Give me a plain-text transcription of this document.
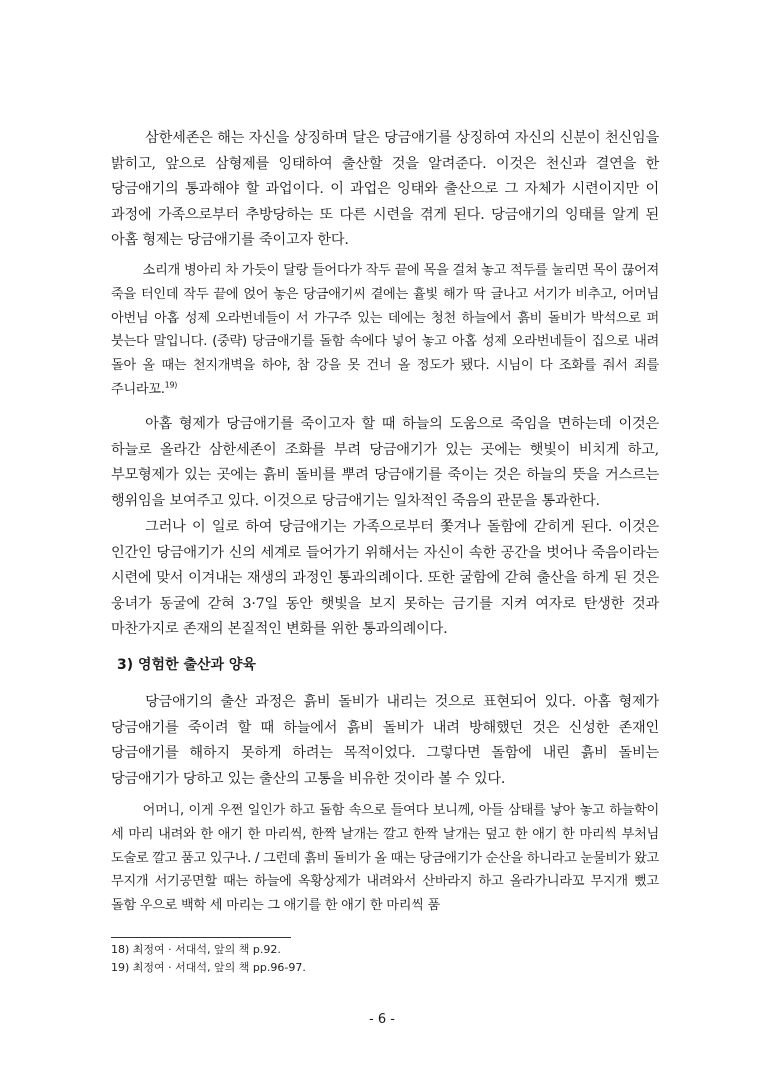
삼한세존은 해는 자신을 상징하며 달은 당금애기를 상징하여 자신의 신분이 천신임을 밝히고, 앞으로 삼형제를 잉태하여 출산할 것을 알려준다. 이것은 천신과 결연을 한 당금애기의 통과해야 할 과업이다. 이 과업은 잉태와 출산으로 그 자체가 시련이지만 이 과정에 가족으로부터 추방당하는 또 다른 시련을 겪게 된다. 당금애기의 잉태를 알게 된 아홉 형제는 당금애기를 죽이고자 한다.

소리개 병아리 차 가듯이 달랑 들어다가 작두 끝에 목을 걸쳐 놓고 적두를 눌리면 목이 끊어져 죽을 터인데 작두 끝에 얹어 놓은 당금애기씨 곁에는 휼빛 해가 딱 글나고 서기가 비추고, 어머님 아번님 아홉 성제 오라번네들이 서 가구주 있는 데에는 청천 하늘에서 흙비 돌비가 박석으로 퍼 붓는다 말입니다. (중략) 당금애기를 돌함 속에다 넣어 놓고 아홉 성제 오라번네들이 집으로 내려 돌아 올 때는 천지개벽을 하야, 참 강을 못 건너 올 정도가 됐다. 시님이 다 조화를 줘서 죄를 주니라꼬.$^{19)}$

아홉 형제가 당금애기를 죽이고자 할 때 하늘의 도움으로 죽임을 면하는데 이것은 하늘로 올라간 삼한세존이 조화를 부려 당금애기가 있는 곳에는 햇빛이 비치게 하고, 부모형제가 있는 곳에는 흙비 돌비를 뿌려 당금애기를 죽이는 것은 하늘의 뜻을 거스르는 행위임을 보여주고 있다. 이것으로 당금애기는 일차적인 죽음의 관문을 통과한다.

그러나 이 일로 하여 당금애기는 가족으로부터 쫓겨나 돌함에 갇히게 된다. 이것은 인간인 당금애기가 신의 세계로 들어가기 위해서는 자신이 속한 공간을 벗어나 죽음이라는 시련에 맞서 이겨내는 재생의 과정인 통과의례이다. 또한 굴함에 갇혀 출산을 하게 된 것은 웅녀가 동굴에 갇혀 3·7일 동안 햇빛을 보지 못하는 금기를 지켜 여자로 탄생한 것과 마찬가지로 존재의 본질적인 변화를 위한 통과의례이다.

3) 영험한 출산과 양육

당금애기의 출산 과정은 흙비 돌비가 내리는 것으로 표현되어 있다. 아홉 형제가 당금애기를 죽이려 할 때 하늘에서 흙비 돌비가 내려 방해했던 것은 신성한 존재인 당금애기를 해하지 못하게 하려는 목적이었다. 그렇다면 돌함에 내린 흙비 돌비는 당금애기가 당하고 있는 출산의 고통을 비유한 것이라 볼 수 있다.

어머니, 이게 우쩐 일인가 하고 돌함 속으로 들여다 보니께, 아들 삼태를 낳아 놓고 하늘학이 세 마리 내려와 한 애기 한 마리씩, 한짝 날개는 깔고 한짝 날개는 덮고 한 애기 한 마리씩 부처님 도술로 깔고 품고 있구나. / 그런데 흙비 돌비가 올 때는 당금애기가 순산을 하니라고 눈물비가 왔고 무지개 서기공면할 때는 하늘에 옥황상제가 내려와서 산바라지 하고 올라가니라꼬 무지개 뻤고 돌함 우으로 백학 세 마리는 그 애기를 한 애기 한 마리씩 품

18) 최정여 · 서대석, 앞의 책 p.92.

19) 최정여 · 서대석, 앞의 책 pp.96-97.

- 6 -
